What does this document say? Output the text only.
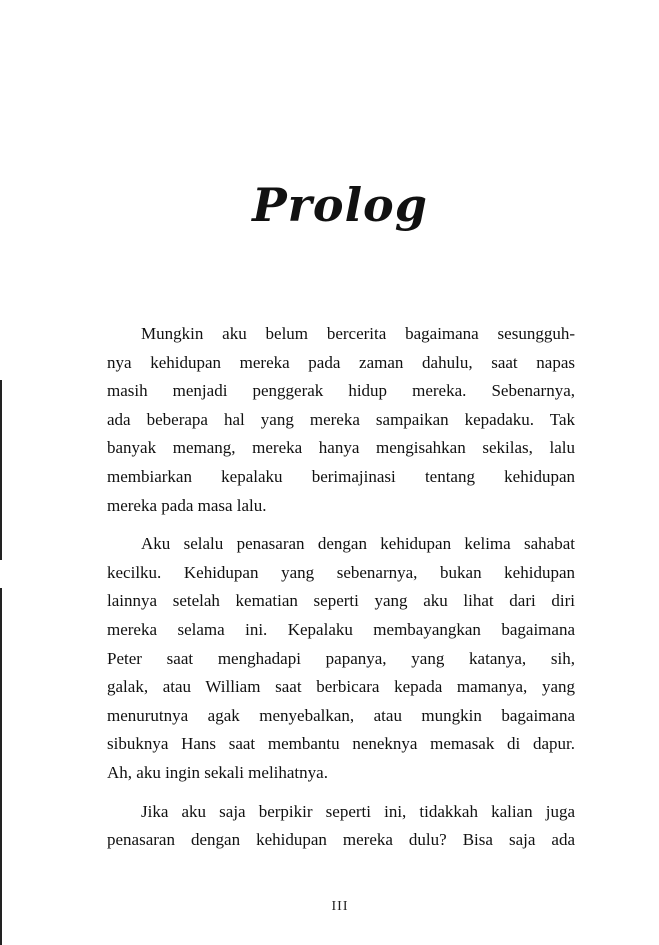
Prolog
Mungkin aku belum bercerita bagaimana sesungguh-
nya kehidupan mereka pada zaman dahulu, saat napas
masih menjadi penggerak hidup mereka. Sebenarnya,
ada beberapa hal yang mereka sampaikan kepadaku. Tak
banyak memang, mereka hanya mengisahkan sekilas, lalu
membiarkan kepalaku berimajinasi tentang kehidupan
mereka pada masa lalu.
Aku selalu penasaran dengan kehidupan kelima sahabat
kecilku. Kehidupan yang sebenarnya, bukan kehidupan
lainnya setelah kematian seperti yang aku lihat dari diri
mereka selama ini. Kepalaku membayangkan bagaimana
Peter saat menghadapi papanya, yang katanya, sih,
galak, atau William saat berbicara kepada mamanya, yang
menurutnya agak menyebalkan, atau mungkin bagaimana
sibuknya Hans saat membantu neneknya memasak di dapur.
Ah, aku ingin sekali melihatnya.
Jika aku saja berpikir seperti ini, tidakkah kalian juga
penasaran dengan kehidupan mereka dulu? Bisa saja ada
III
